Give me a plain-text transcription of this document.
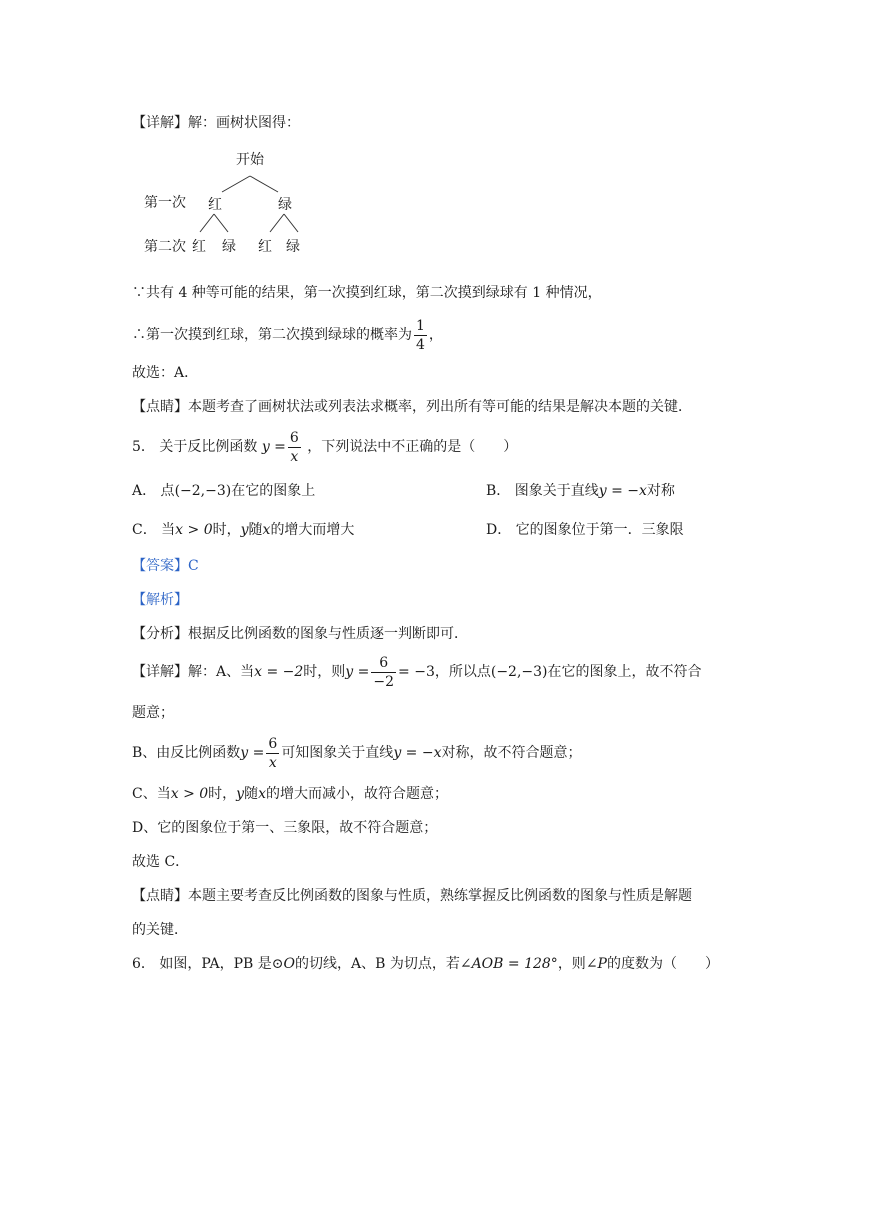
【详解】解：画树状图得：
开始
第一次 红	绿
第二次 红 绿 红 绿
∵共有 4 种等可能的结果，第一次摸到红球，第二次摸到绿球有 1 种情况，
∴第一次摸到红球，第二次摸到绿球的概率为 $\frac{1}{4}$ ，
故选：A．
【点睛】本题考查了画树状法或列表法求概率，列出所有等可能的结果是解决本题的关键．
5． 关于反比例函数 $y = \frac{6}{x}$ ，下列说法中不正确的是（　　）
A． 点(−2,−3)在它的图象上	B． 图象关于直线y = −x对称
C． 当x > 0时，y随x的增大而增大	D． 它的图象位于第一．三象限
【答案】C
【解析】
【分析】根据反比例函数的图象与性质逐一判断即可．
【详解】解：A、当x = −2时，则$y = \frac{6}{-2} = -3$，所以点(−2,−3)在它的图象上，故不符合
题意；
B、由反比例函数$y = \frac{6}{x}$ 可知图象关于直线y = −x对称，故不符合题意；
C、当x > 0时，y随x的增大而减小，故符合题意；
D、它的图象位于第一、三象限，故不符合题意；
故选 C．
【点睛】本题主要考查反比例函数的图象与性质，熟练掌握反比例函数的图象与性质是解题
的关键．
6． 如图，PA，PB 是⊙O的切线，A、B 为切点，若∠AOB = 128°，则∠P的度数为（　　）
